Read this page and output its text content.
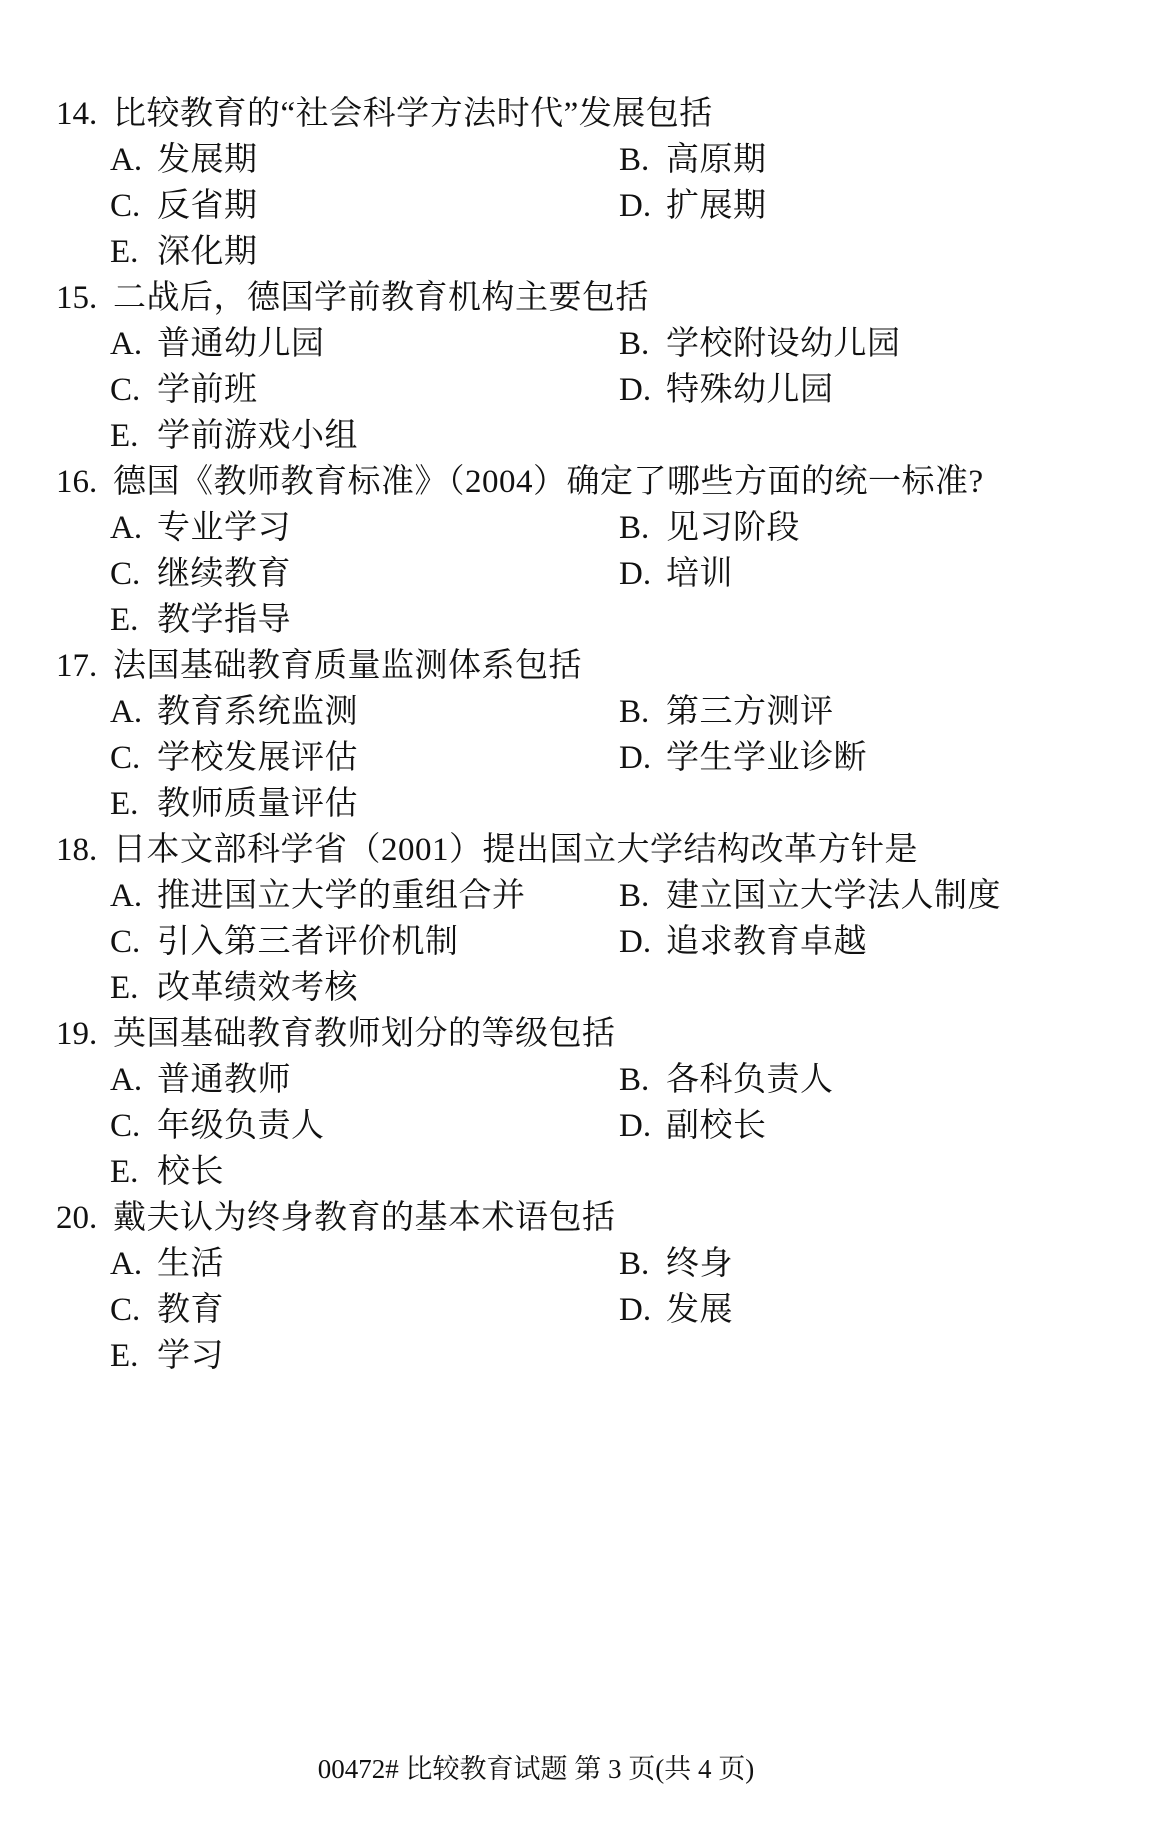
14. 比较教育的“社会科学方法时代”发展包括
A. 发展期	B. 高原期
C. 反省期	D. 扩展期
E. 深化期
15. 二战后，德国学前教育机构主要包括
A. 普通幼儿园	B. 学校附设幼儿园
C. 学前班	D. 特殊幼儿园
E. 学前游戏小组
16. 德国《教师教育标准》（2004）确定了哪些方面的统一标准?
A. 专业学习	B. 见习阶段
C. 继续教育	D. 培训
E. 教学指导
17. 法国基础教育质量监测体系包括
A. 教育系统监测	B. 第三方测评
C. 学校发展评估	D. 学生学业诊断
E. 教师质量评估
18. 日本文部科学省（2001）提出国立大学结构改革方针是
A. 推进国立大学的重组合并	B. 建立国立大学法人制度
C. 引入第三者评价机制	D. 追求教育卓越
E. 改革绩效考核
19. 英国基础教育教师划分的等级包括
A. 普通教师	B. 各科负责人
C. 年级负责人	D. 副校长
E. 校长
20. 戴夫认为终身教育的基本术语包括
A. 生活	B. 终身
C. 教育	D. 发展
E. 学习
00472# 比较教育试题 第 3 页(共 4 页)
